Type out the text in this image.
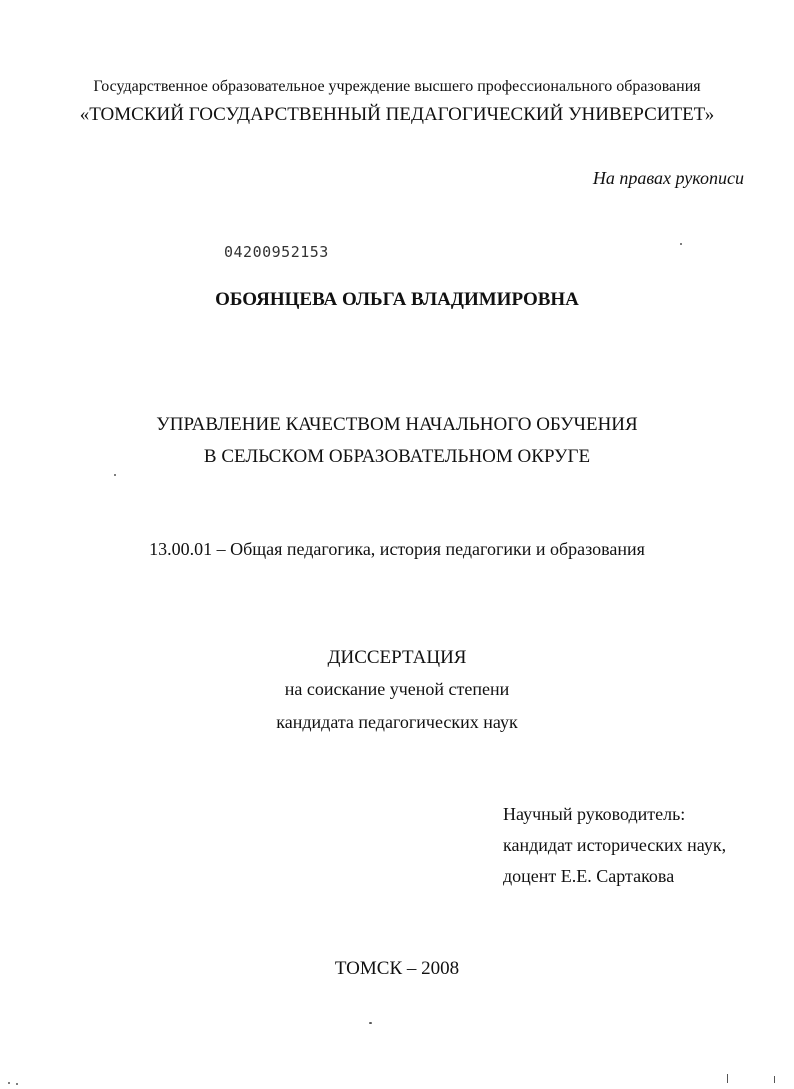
Государственное образовательное учреждение высшего профессионального образования
«ТОМСКИЙ ГОСУДАРСТВЕННЫЙ ПЕДАГОГИЧЕСКИЙ УНИВЕРСИТЕТ»
На правах рукописи
04200952153
ОБОЯНЦЕВА ОЛЬГА ВЛАДИМИРОВНА
УПРАВЛЕНИЕ КАЧЕСТВОМ НАЧАЛЬНОГО ОБУЧЕНИЯ
В СЕЛЬСКОМ ОБРАЗОВАТЕЛЬНОМ ОКРУГЕ
13.00.01 – Общая педагогика, история педагогики и образования
ДИССЕРТАЦИЯ
на соискание ученой степени
кандидата педагогических наук
Научный руководитель:
кандидат исторических наук,
доцент Е.Е. Сартакова
ТОМСК – 2008
